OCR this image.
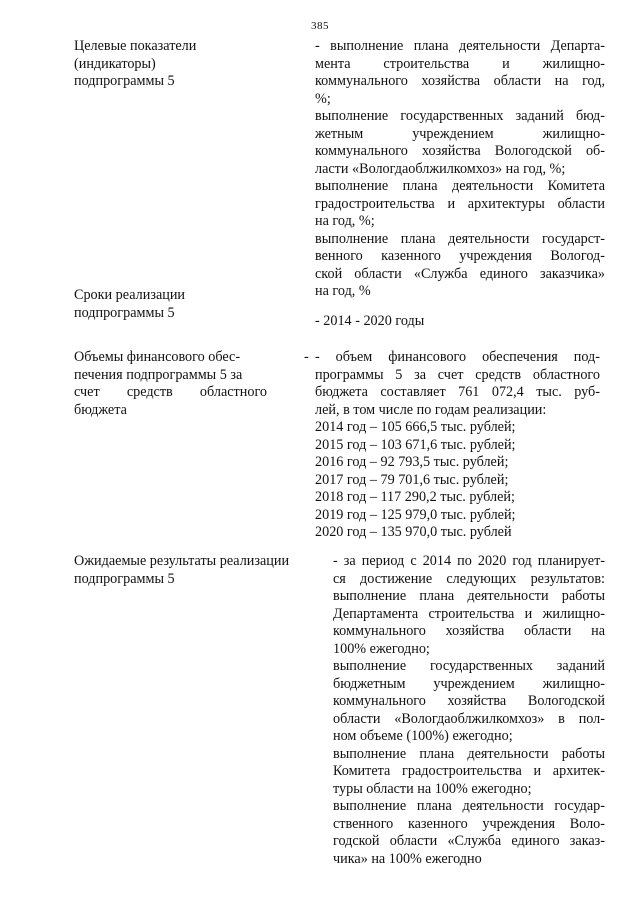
385
Целевые показатели
(индикаторы)
подпрограммы 5
- выполнение плана деятельности Департа-
мента строительства и жилищно-
коммунального хозяйства области на год,
%;
выполнение государственных заданий бюд-
жетным учреждением жилищно-
коммунального хозяйства Вологодской об-
ласти «Вологдаоблжилкомхоз» на год, %;
выполнение плана деятельности Комитета
градостроительства и архитектуры области
на год, %;
выполнение плана деятельности государст-
венного казенного учреждения Вологод-
ской области «Служба единого заказчика»
на год, %
Сроки реализации
подпрограммы 5
- 2014 - 2020 годы
Объемы финансового обес-
печения подпрограммы 5 за
счет средств областного
бюджета
- - объем финансового обеспечения под-
программы 5 за счет средств областного
бюджета составляет 761 072,4 тыс. руб-
лей, в том числе по годам реализации:
2014 год – 105 666,5 тыс. рублей;
2015 год – 103 671,6 тыс. рублей;
2016 год – 92 793,5 тыс. рублей;
2017 год – 79 701,6 тыс. рублей;
2018 год – 117 290,2 тыс. рублей;
2019 год – 125 979,0 тыс. рублей;
2020 год – 135 970,0 тыс. рублей
Ожидаемые результаты реализации
подпрограммы 5
- за период с 2014 по 2020 год планирует-
ся достижение следующих результатов:
выполнение плана деятельности работы
Департамента строительства и жилищно-
коммунального хозяйства области на
100% ежегодно;
выполнение государственных заданий
бюджетным учреждением жилищно-
коммунального хозяйства Вологодской
области «Вологдаоблжилкомхоз» в пол-
ном объеме (100%) ежегодно;
выполнение плана деятельности работы
Комитета градостроительства и архитек-
туры области на 100% ежегодно;
выполнение плана деятельности государ-
ственного казенного учреждения Воло-
годской области «Служба единого заказ-
чика» на 100% ежегодно
